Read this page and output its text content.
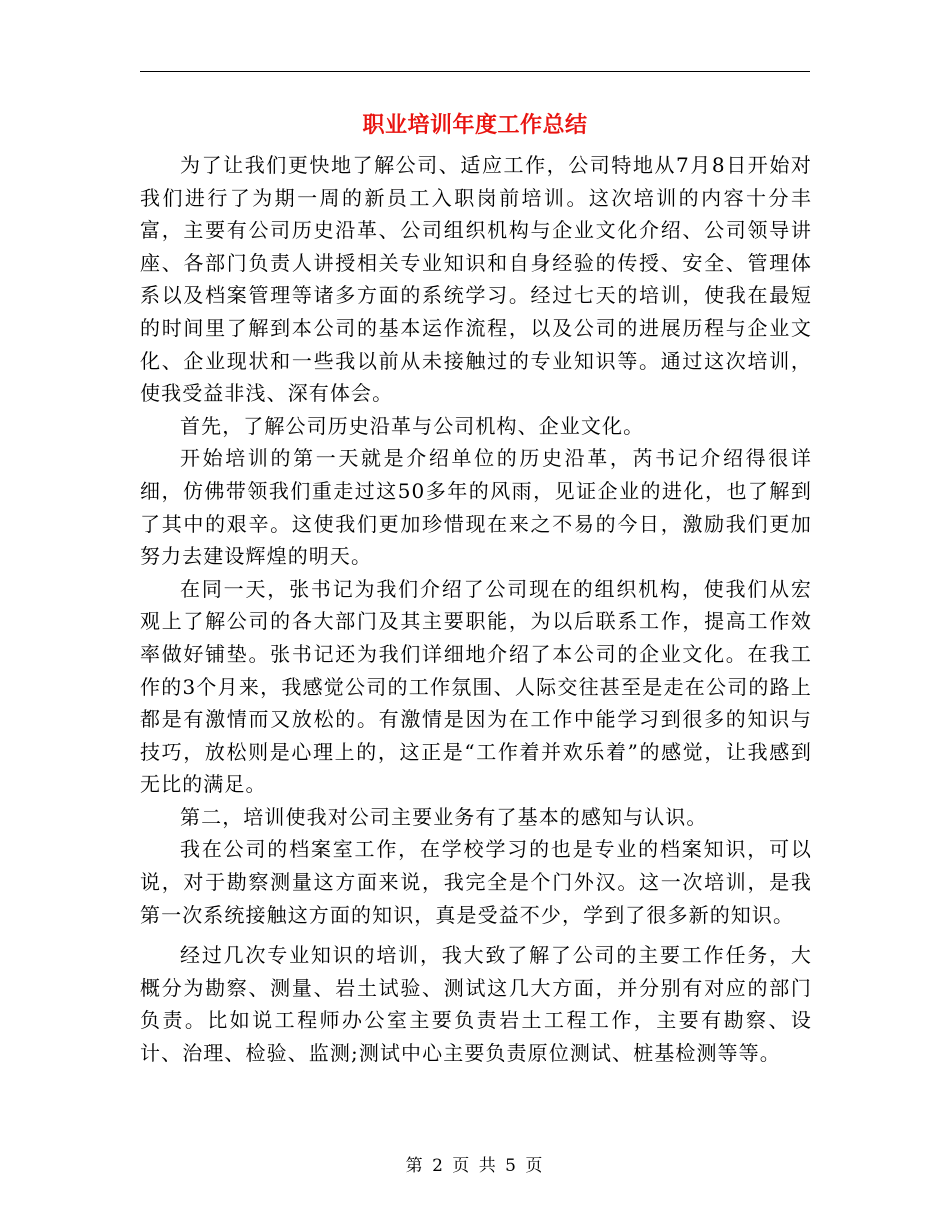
职业培训年度工作总结

为了让我们更快地了解公司、适应工作，公司特地从7月8日开始对我们进行了为期一周的新员工入职岗前培训。这次培训的内容十分丰富，主要有公司历史沿革、公司组织机构与企业文化介绍、公司领导讲座、各部门负责人讲授相关专业知识和自身经验的传授、安全、管理体系以及档案管理等诸多方面的系统学习。经过七天的培训，使我在最短的时间里了解到本公司的基本运作流程，以及公司的进展历程与企业文化、企业现状和一些我以前从未接触过的专业知识等。通过这次培训，使我受益非浅、深有体会。

首先，了解公司历史沿革与公司机构、企业文化。

开始培训的第一天就是介绍单位的历史沿革，芮书记介绍得很详细，仿佛带领我们重走过这50多年的风雨，见证企业的进化，也了解到了其中的艰辛。这使我们更加珍惜现在来之不易的今日，激励我们更加努力去建设辉煌的明天。

在同一天，张书记为我们介绍了公司现在的组织机构，使我们从宏观上了解公司的各大部门及其主要职能，为以后联系工作，提高工作效率做好铺垫。张书记还为我们详细地介绍了本公司的企业文化。在我工作的3个月来，我感觉公司的工作氛围、人际交往甚至是走在公司的路上都是有激情而又放松的。有激情是因为在工作中能学习到很多的知识与技巧，放松则是心理上的，这正是“工作着并欢乐着”的感觉，让我感到无比的满足。

第二，培训使我对公司主要业务有了基本的感知与认识。

我在公司的档案室工作，在学校学习的也是专业的档案知识，可以说，对于勘察测量这方面来说，我完全是个门外汉。这一次培训，是我第一次系统接触这方面的知识，真是受益不少，学到了很多新的知识。

经过几次专业知识的培训，我大致了解了公司的主要工作任务，大概分为勘察、测量、岩土试验、测试这几大方面，并分别有对应的部门负责。比如说工程师办公室主要负责岩土工程工作，主要有勘察、设计、治理、检验、监测;测试中心主要负责原位测试、桩基检测等等。

第 2 页 共 5 页
